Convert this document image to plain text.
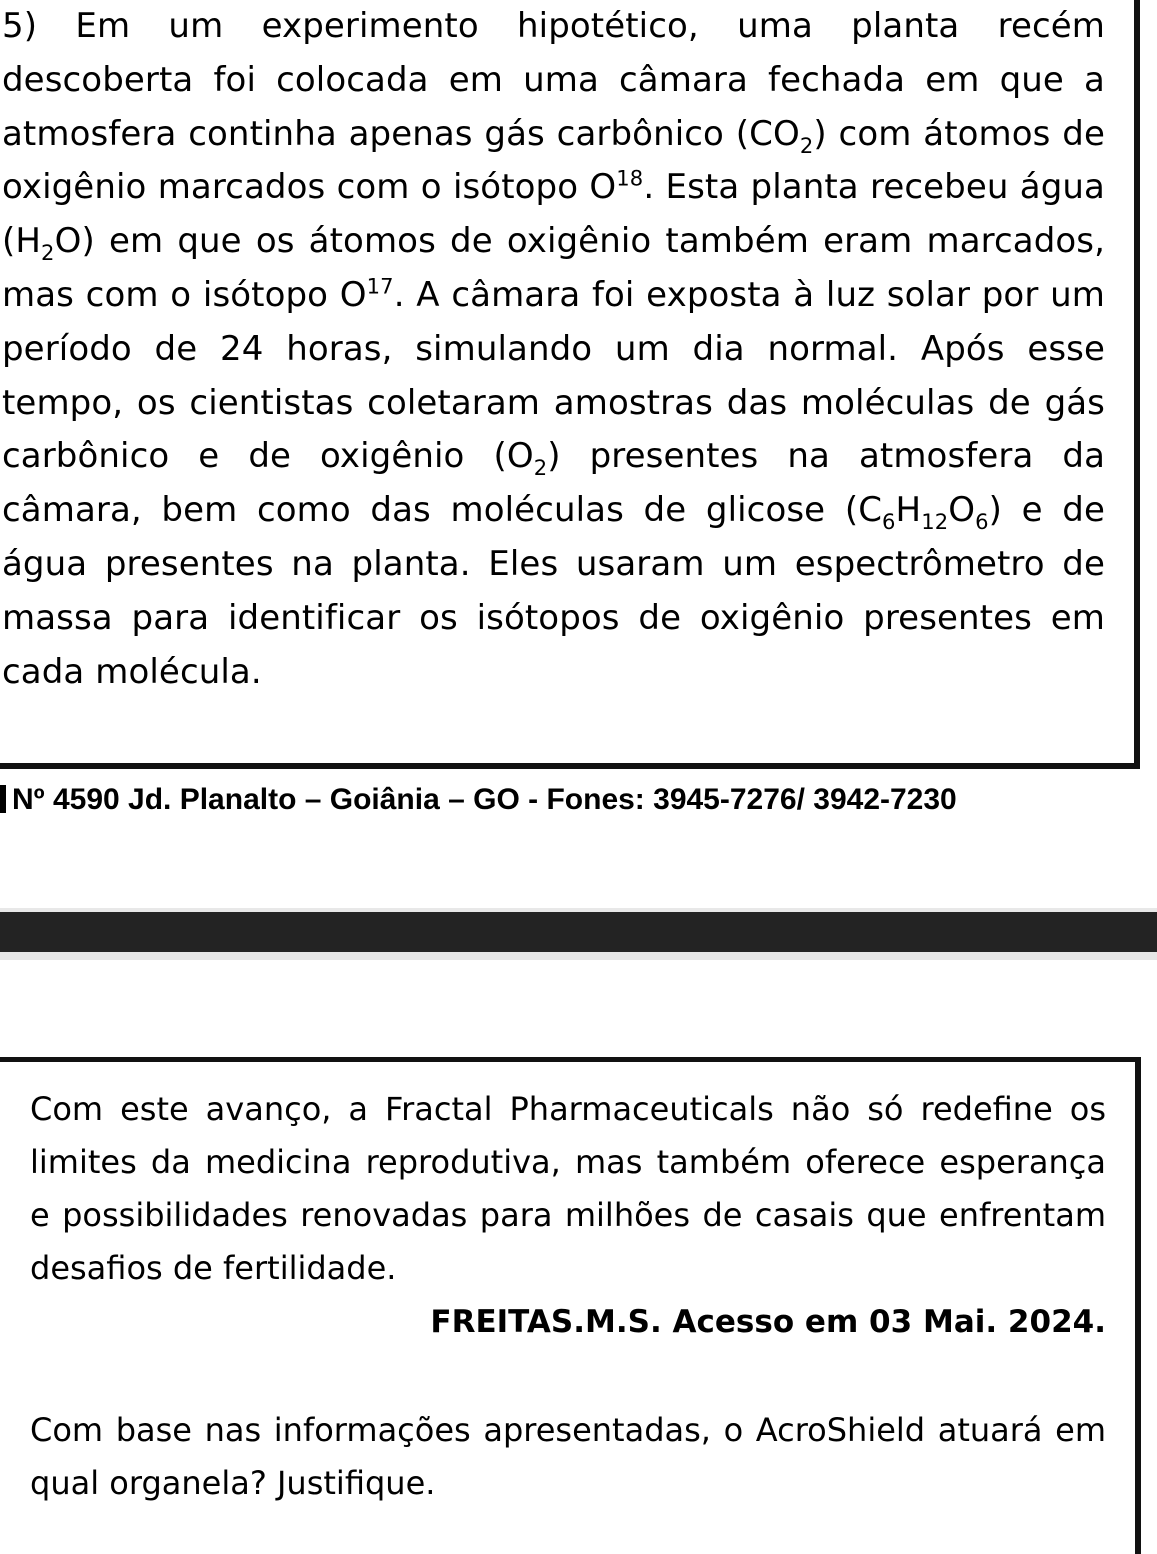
5) Em um experimento hipotético, uma planta recém descoberta foi colocada em uma câmara fechada em que a atmosfera continha apenas gás carbônico $(CO_2)$ com átomos de oxigênio marcados com o isótopo $O^{18}$. Esta planta recebeu água $(H_2O)$ em que os átomos de oxigênio também eram marcados, mas com o isótopo $O^{17}$. A câmara foi exposta à luz solar por um período de 24 horas, simulando um dia normal. Após esse tempo, os cientistas coletaram amostras das moléculas de gás carbônico e de oxigênio $(O_2)$ presentes na atmosfera da câmara, bem como das moléculas de glicose $(C_6H_{12}O_6)$ e de água presentes na planta. Eles usaram um espectrômetro de massa para identificar os isótopos de oxigênio presentes em cada molécula.

Nº 4590 Jd. Planalto – Goiânia – GO - Fones: 3945-7276/ 3942-7230

Com este avanço, a Fractal Pharmaceuticals não só redefine os limites da medicina reprodutiva, mas também oferece esperança e possibilidades renovadas para milhões de casais que enfrentam desafios de fertilidade.

FREITAS.M.S. Acesso em 03 Mai. 2024.

Com base nas informações apresentadas, o AcroShield atuará em qual organela? Justifique.
